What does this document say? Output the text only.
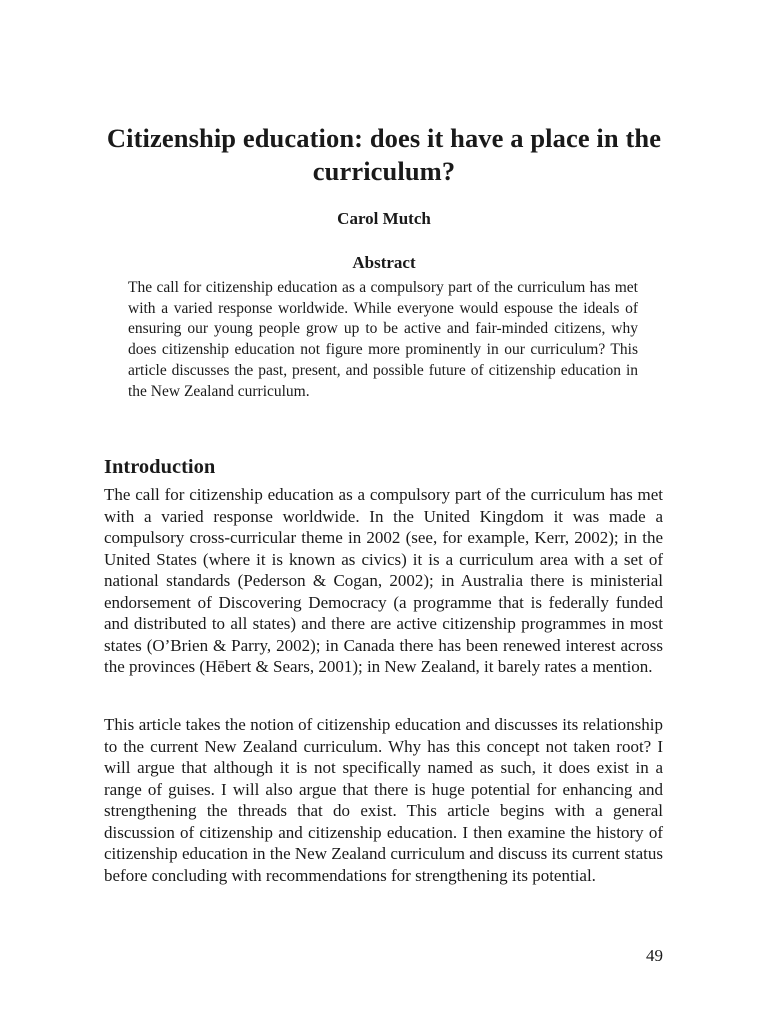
Citizenship education: does it have a place in the curriculum?

Carol Mutch

Abstract

The call for citizenship education as a compulsory part of the curriculum has met with a varied response worldwide. While everyone would espouse the ideals of ensuring our young people grow up to be active and fair-minded citizens, why does citizenship education not figure more prominently in our curriculum? This article discusses the past, present, and possible future of citizenship education in the New Zealand curriculum.

Introduction

The call for citizenship education as a compulsory part of the curriculum has met with a varied response worldwide. In the United Kingdom it was made a compulsory cross-curricular theme in 2002 (see, for example, Kerr, 2002); in the United States (where it is known as civics) it is a curriculum area with a set of national standards (Pederson & Cogan, 2002); in Australia there is ministerial endorsement of Discovering Democracy (a programme that is federally funded and distributed to all states) and there are active citizenship programmes in most states (O’Brien & Parry, 2002); in Canada there has been renewed interest across the provinces (Hēbert & Sears, 2001); in New Zealand, it barely rates a mention.

This article takes the notion of citizenship education and discusses its relationship to the current New Zealand curriculum. Why has this concept not taken root? I will argue that although it is not specifically named as such, it does exist in a range of guises. I will also argue that there is huge potential for enhancing and strengthening the threads that do exist. This article begins with a general discussion of citizenship and citizenship education. I then examine the history of citizenship education in the New Zealand curriculum and discuss its current status before concluding with recommendations for strengthening its potential.

49
